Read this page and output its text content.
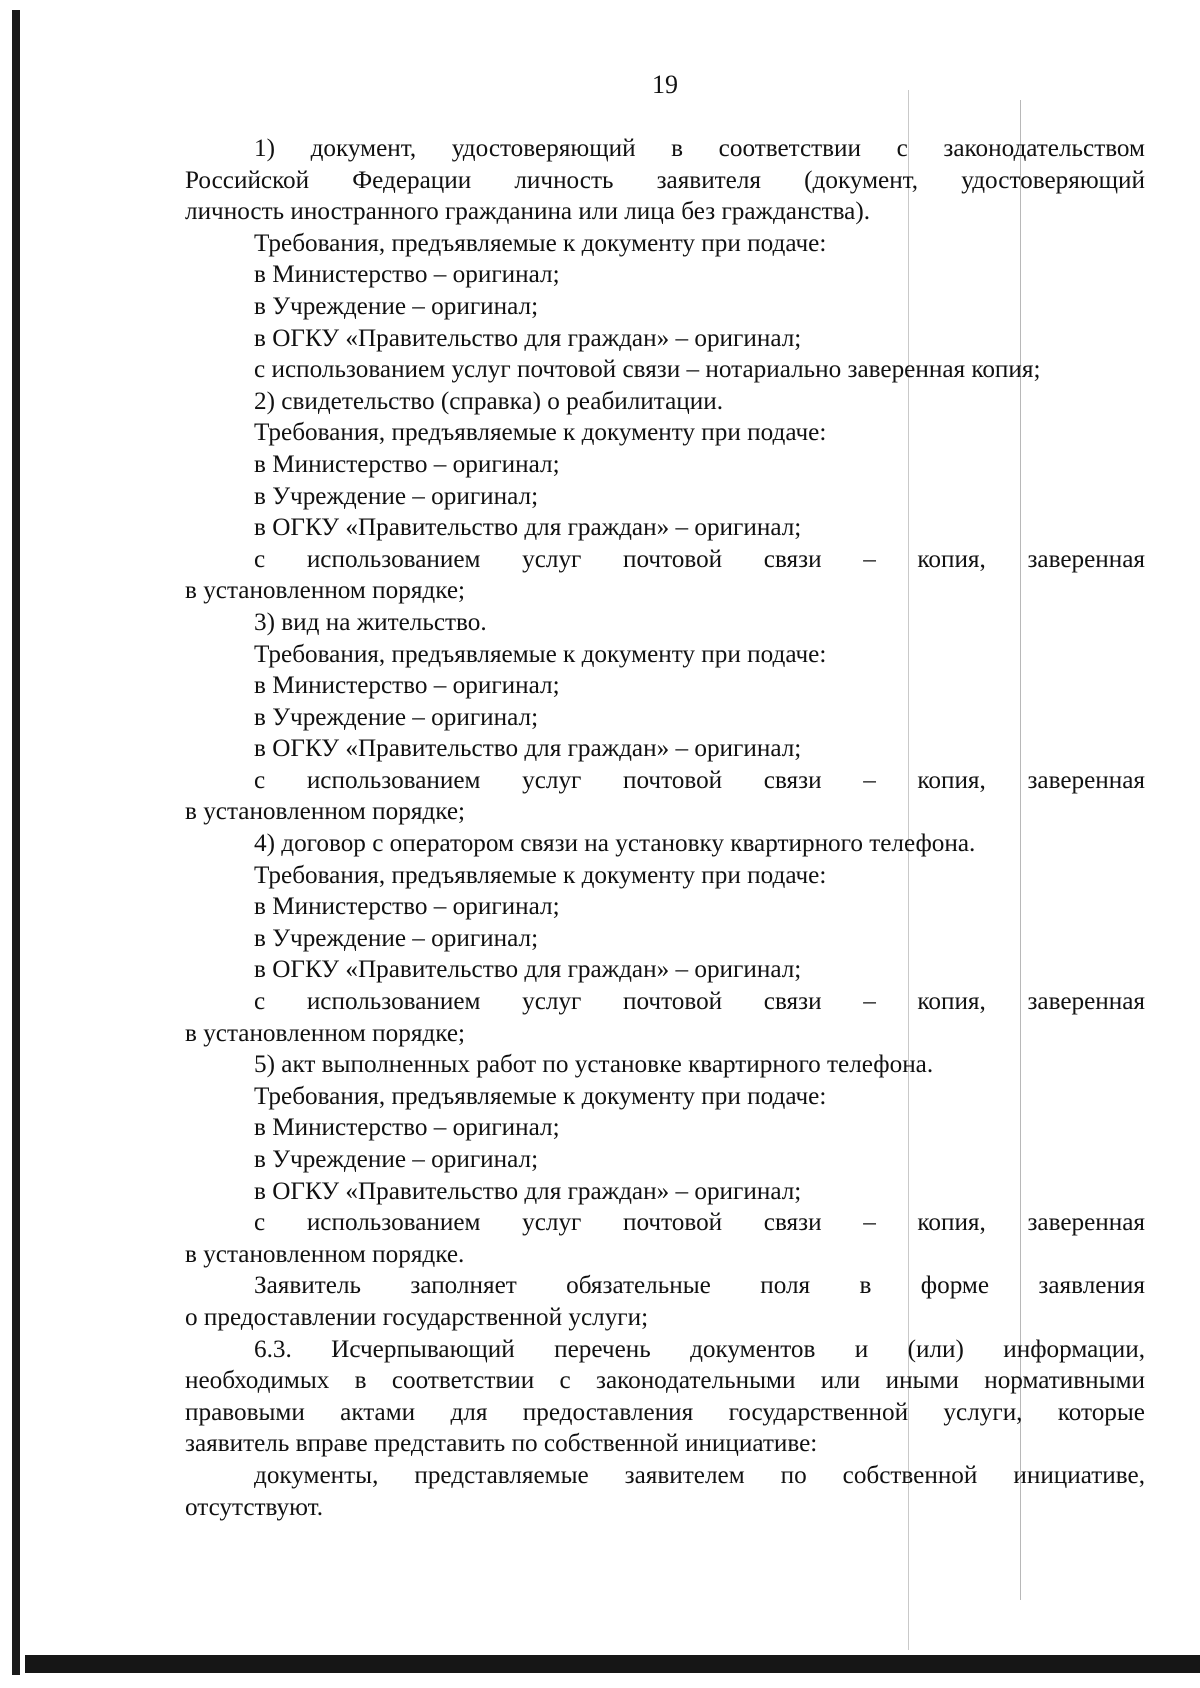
19

1) документ, удостоверяющий в соответствии с законодательством

Российской Федерации личность заявителя (документ, удостоверяющий

личность иностранного гражданина или лица без гражданства).

Требования, предъявляемые к документу при подаче:

в Министерство – оригинал;

в Учреждение – оригинал;

в ОГКУ «Правительство для граждан» – оригинал;

с использованием услуг почтовой связи – нотариально заверенная копия;

2) свидетельство (справка) о реабилитации.

Требования, предъявляемые к документу при подаче:

в Министерство – оригинал;

в Учреждение – оригинал;

в ОГКУ «Правительство для граждан» – оригинал;

с использованием услуг почтовой связи – копия, заверенная

в установленном порядке;

3) вид на жительство.

Требования, предъявляемые к документу при подаче:

в Министерство – оригинал;

в Учреждение – оригинал;

в ОГКУ «Правительство для граждан» – оригинал;

с использованием услуг почтовой связи – копия, заверенная

в установленном порядке;

4) договор с оператором связи на установку квартирного телефона.

Требования, предъявляемые к документу при подаче:

в Министерство – оригинал;

в Учреждение – оригинал;

в ОГКУ «Правительство для граждан» – оригинал;

с использованием услуг почтовой связи – копия, заверенная

в установленном порядке;

5) акт выполненных работ по установке квартирного телефона.

Требования, предъявляемые к документу при подаче:

в Министерство – оригинал;

в Учреждение – оригинал;

в ОГКУ «Правительство для граждан» – оригинал;

с использованием услуг почтовой связи – копия, заверенная

в установленном порядке.

Заявитель заполняет обязательные поля в форме заявления

о предоставлении государственной услуги;

6.3. Исчерпывающий перечень документов и (или) информации,

необходимых в соответствии с законодательными или иными нормативными

правовыми актами для предоставления государственной услуги, которые

заявитель вправе представить по собственной инициативе:

документы, представляемые заявителем по собственной инициативе,

отсутствуют.
